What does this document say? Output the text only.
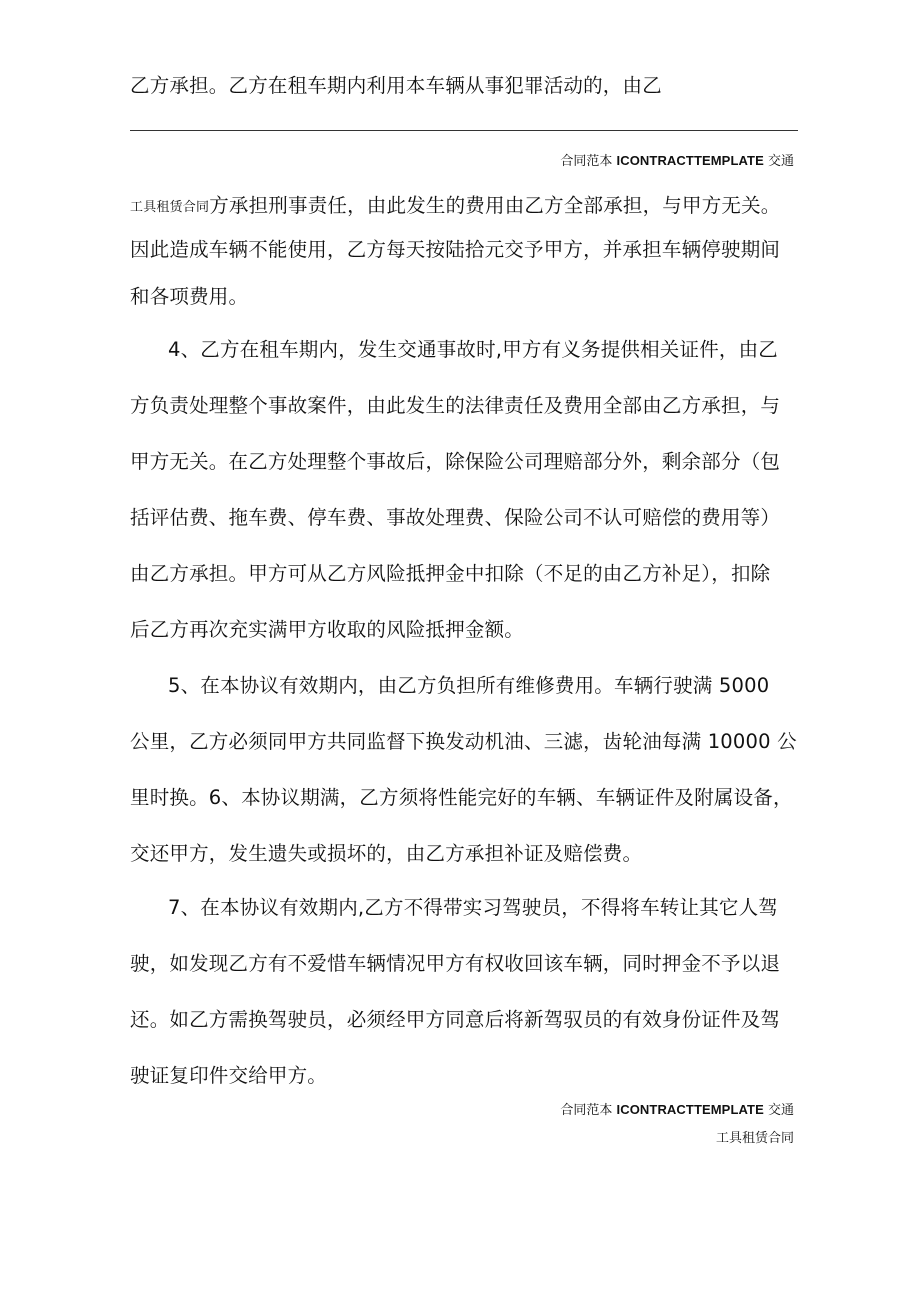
乙方承担。乙方在租车期内利用本车辆从事犯罪活动的，由乙
合同范本 ICONTRACTTEMPLATE 交通
工具租赁合同方承担刑事责任，由此发生的费用由乙方全部承担，与甲方无关。
因此造成车辆不能使用，乙方每天按陆拾元交予甲方，并承担车辆停驶期间
和各项费用。
4、乙方在租车期内，发生交通事故时,甲方有义务提供相关证件，由乙
方负责处理整个事故案件，由此发生的法律责任及费用全部由乙方承担，与
甲方无关。在乙方处理整个事故后，除保险公司理赔部分外，剩余部分（包
括评估费、拖车费、停车费、事故处理费、保险公司不认可赔偿的费用等）
由乙方承担。甲方可从乙方风险抵押金中扣除（不足的由乙方补足），扣除
后乙方再次充实满甲方收取的风险抵押金额。
5、在本协议有效期内，由乙方负担所有维修费用。车辆行驶满 5000
公里，乙方必须同甲方共同监督下换发动机油、三滤，齿轮油每满 10000 公
里时换。6、本协议期满，乙方须将性能完好的车辆、车辆证件及附属设备，
交还甲方，发生遗失或损坏的，由乙方承担补证及赔偿费。
7、在本协议有效期内,乙方不得带实习驾驶员，不得将车转让其它人驾
驶，如发现乙方有不爱惜车辆情况甲方有权收回该车辆，同时押金不予以退
还。如乙方需换驾驶员，必须经甲方同意后将新驾驭员的有效身份证件及驾
驶证复印件交给甲方。
合同范本 ICONTRACTTEMPLATE 交通
工具租赁合同
